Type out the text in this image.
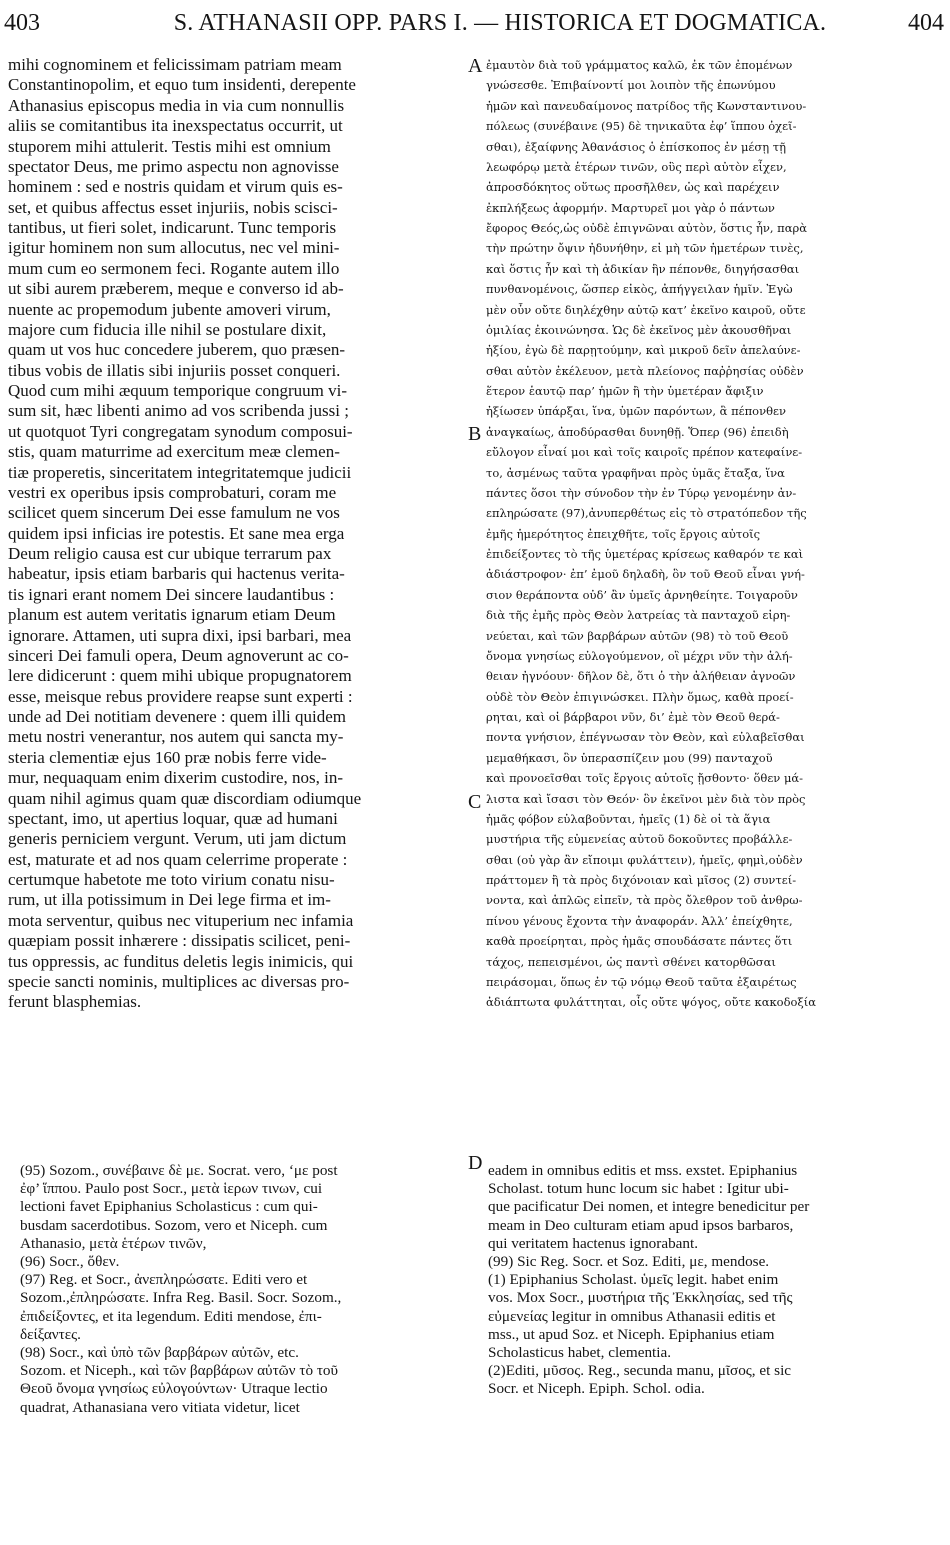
403	S. ATHANASII OPP. PARS I. — HISTORICA ET DOGMATICA.	404
mihi cognominem et felicissimam patriam meam
Constantinopolim, et equo tum insidenti, derepente
Athanasius episcopus media in via cum nonnullis
aliis se comitantibus ita inexspectatus occurrit, ut
stuporem mihi attulerit. Testis mihi est omnium
spectator Deus, me primo aspectu non agnovisse
hominem : sed e nostris quidam et virum quis es-
set, et quibus affectus esset injuriis, nobis sciscі-
tantibus, ut fieri solet, indicarunt. Tunc temporis
igitur hominem non sum allocutus, nec vel mini-
mum cum eo sermonem feci. Rogante autem illo
ut sibi aurem præberem, meque e converso id ab-
nuente ac propemodum jubente amoveri virum,
majore cum fiducia ille nihil se postulare dixit,
quam ut vos huc concedere juberem, quo præsen-
tibus vobis de illatis sibi injuriis posset conqueri.
Quod cum mihi æquum temporique congruum vi-
sum sit, hæc libenti animo ad vos scribenda jussi ;
ut quotquot Tyri congregatam synodum composui-
stis, quam maturrime ad exercitum meæ clemen-
tiæ properetis, sinceritatem integritatemque judicii
vestri ex operibus ipsis comprobaturi, coram me
scilicet quem sincerum Dei esse famulum ne vos
quidem ipsi inficias ire potestis. Et sane mea erga
Deum religio causa est cur ubique terrarum pax
habeatur, ipsis etiam barbaris qui hactenus verita-
tis ignari erant nomem Dei sincere laudantibus :
planum est autem veritatis ignarum etiam Deum
ignorare. Attamen, uti supra dixi, ipsi barbari, mea
sinceri Dei famuli opera, Deum agnoverunt ac co-
lere didicerunt : quem mihi ubique propugnatorem
esse, meisque rebus providere reapse sunt experti :
unde ad Dei notitiam devenere : quem illi quidem
metu nostri venerantur, nos autem qui sancta my-
steria clementiæ ejus 160 præ nobis ferre vide-
mur, nequaquam enim dixerim custodire, nos, in-
quam nihil agimus quam quæ discordiam odiumque
spectant, imo, ut apertius loquar, quæ ad humani
generis perniciem vergunt. Verum, uti jam dictum
est, maturate et ad nos quam celerrime properate :
certumque habetote me toto virium conatu nisu-
rum, ut illa potissimum in Dei lege firma et im-
mota serventur, quibus nec vituperium nec infamia
quæpiam possit inhærere : dissipatis scilicet, peni-
tus oppressis, ac funditus deletis legis inimicis, qui
specie sancti nominis, multiplices ac diversas pro-
ferunt blasphemias.
ἐμαυτὸν διὰ τοῦ γράμματος καλῶ, ἐκ τῶν ἐπομένων
γνώσεσθε. Ἐπιβαίνοντί μοι λοιπὸν τῆς ἐπωνύμου
ἡμῶν καὶ πανευδαίμονος πατρίδος τῆς Κωνσταντινου-
πόλεως (συνέβαινε (95) δὲ τηνικαῦτα ἐφ’ ἵππου ὀχεῖ-
σθαι), ἐξαίφνης Ἀθανάσιος ὁ ἐπίσκοπος ἐν μέσῃ τῇ
λεωφόρῳ μετὰ ἑτέρων τινῶν, οὓς περὶ αὐτὸν εἶχεν,
ἀπροσδόκητος οὕτως προσῆλθεν, ὡς καὶ παρέχειν
ἐκπλήξεως ἀφορμήν. Μαρτυρεῖ μοι γὰρ ὁ πάντων
ἔφορος Θεός,ὡς οὐδὲ ἐπιγνῶναι αὐτὸν, ὅστις ἦν, παρὰ
τὴν πρώτην ὄψιν ἠδυνήθην, εἰ μὴ τῶν ἡμετέρων τινὲς,
καὶ ὅστις ἦν καὶ τὴ ἀδικίαν ἣν πέπονθε, διηγήσασθαι
πυνθανομένοις, ὥσπερ εἰκὸς, ἀπήγγειλαν ἡμῖν. Ἐγὼ
μὲν οὖν οὔτε διηλέχθην αὐτῷ κατ’ ἐκεῖνο καιροῦ, οὔτε
ὁμιλίας ἐκοινώνησα. Ὡς δὲ ἐκεῖνος μὲν ἀκουσθῆναι
ἠξίου, ἐγὼ δὲ παρῃτούμην, καὶ μικροῦ δεῖν ἀπελαύνε-
σθαι αὐτὸν ἐκέλευον, μετὰ πλείονος παῤῥησίας οὐδὲν
ἕτερον ἑαυτῷ παρ’ ἡμῶν ἢ τὴν ὑμετέραν ἄφιξιν
ἠξίωσεν ὑπάρξαι, ἵνα, ὑμῶν παρόντων, ἃ πέπονθεν
ἀναγκαίως, ἀποδύρασθαι δυνηθῇ. Ὅπερ (96) ἐπειδὴ
εὔλογον εἶναί μοι καὶ τοῖς καιροῖς πρέπον κατεφαίνε-
το, ἀσμένως ταῦτα γραφῆναι πρὸς ὑμᾶς ἔταξα, ἵνα
πάντες ὅσοι τὴν σύνοδον τὴν ἐν Τύρῳ γενομένην ἀν-
επληρώσατε (97),ἀνυπερθέτως εἰς τὸ στρατόπεδον τῆς
ἐμῆς ἡμερότητος ἐπειχθῆτε, τοῖς ἔργοις αὐτοῖς
ἐπιδείξοντες τὸ τῆς ὑμετέρας κρίσεως καθαρόν τε καὶ
ἀδιάστροφον· ἐπ’ ἐμοῦ δηλαδὴ, ὃν τοῦ Θεοῦ εἶναι γνή-
σιον θεράποντα οὐδ’ ἂν ὑμεῖς ἀρνηθείητε. Τοιγαροῦν
διὰ τῆς ἐμῆς πρὸς Θεὸν λατρείας τὰ πανταχοῦ εἰρη-
νεύεται, καὶ τῶν βαρβάρων αὐτῶν (98) τὸ τοῦ Θεοῦ
ὄνομα γνησίως εὐλογούμενον, οἳ μέχρι νῦν τὴν ἀλή-
θειαν ἠγνόουν· δῆλον δὲ, ὅτι ὁ τὴν ἀλήθειαν ἀγνοῶν
οὐδὲ τὸν Θεὸν ἐπιγινώσκει. Πλὴν ὅμως, καθὰ προεί-
ρηται, καὶ οἱ βάρβαροι νῦν, δι’ ἐμὲ τὸν Θεοῦ θερά-
ποντα γνήσιον, ἐπέγνωσαν τὸν Θεὸν, καὶ εὐλαβεῖσθαι
μεμαθήκασι, ὃν ὑπερασπίζειν μου (99) πανταχοῦ
καὶ προνοεῖσθαι τοῖς ἔργοις αὐτοῖς ᾔσθοντο· ὅθεν μά-
λιστα καὶ ἴσασι τὸν Θεόν· ὃν ἐκεῖνοι μὲν διὰ τὸν πρὸς
ἡμᾶς φόβον εὐλαβοῦνται, ἡμεῖς (1) δὲ οἱ τὰ ἅγια
μυστήρια τῆς εὐμενείας αὐτοῦ δοκοῦντες προβάλλε-
σθαι (οὐ γὰρ ἂν εἴποιμι φυλάττειν), ἡμεῖς, φημὶ,οὐδὲν
πράττομεν ἢ τὰ πρὸς διχόνοιαν καὶ μῖσος (2) συντεί-
νοντα, καὶ ἁπλῶς εἰπεῖν, τὰ πρὸς ὄλεθρον τοῦ ἀνθρω-
πίνου γένους ἔχοντα τὴν ἀναφοράν. Ἀλλ’ ἐπείχθητε,
καθὰ προείρηται, πρὸς ἡμᾶς σπουδάσατε πάντες ὅτι
τάχος, πεπεισμένοι, ὡς παντὶ σθένει κατορθῶσαι
πειράσομαι, ὅπως ἐν τῷ νόμῳ Θεοῦ ταῦτα ἐξαιρέτως
ἀδιάπτωτα φυλάττηται, οἷς οὔτε ψόγος, οὔτε κακοδοξία
A
B
C
D
(95) Sozom., συνέβαινε δὲ με. Socrat. vero, ‘με post
ἐφ’ ἵππου. Paulo post Socr., μετὰ ἱερων τινων, cui
lectioni favet Epiphanius Scholasticus : cum qui-
busdam sacerdotibus. Sozom, vero et Niceph. cum
Athanasio, μετὰ ἑτέρων τινῶν,
(96) Socr., ὅθεν.
(97) Reg. et Socr., ἀνεπληρώσατε. Editi vero et
Sozom.,ἐπληρώσατε. Infra Reg. Basil. Socr. Sozom.,
ἐπιδείξοντες, et ita legendum. Editi mendose, ἐπι-
δείξαντες.
(98) Socr., καὶ ὑπὸ τῶν βαρβάρων αὐτῶν, etc.
Sozom. et Niceph., καὶ τῶν βαρβάρων αὐτῶν τὸ τοῦ
Θεοῦ ὄνομα γνησίως εὐλογούντων· Utraque lectio
quadrat, Athanasiana vero vitiata videtur, licet
eadem in omnibus editis et mss. exstet. Epiphanius
Scholast. totum hunc locum sic habet : Igitur ubi-
que pacificatur Dei nomen, et integre benedicitur per
meam in Deo culturam etiam apud ipsos barbaros,
qui veritatem hactenus ignorabant.
(99) Sic Reg. Socr. et Soz. Editi, με, mendose.
(1) Epiphanius Scholast. ὑμεῖς legit. habet enim
vos. Mox Socr., μυστήρια τῆς Ἐκκλησίας, sed τῆς
εὐμενείας legitur in omnibus Athanasii editis et
mss., ut apud Soz. et Niceph. Epiphanius etiam
Scholasticus habet, clementia.
(2)Editi, μῦσος. Reg., secunda manu, μῖσος, et sic
Socr. et Niceph. Epiph. Schol. odia.
